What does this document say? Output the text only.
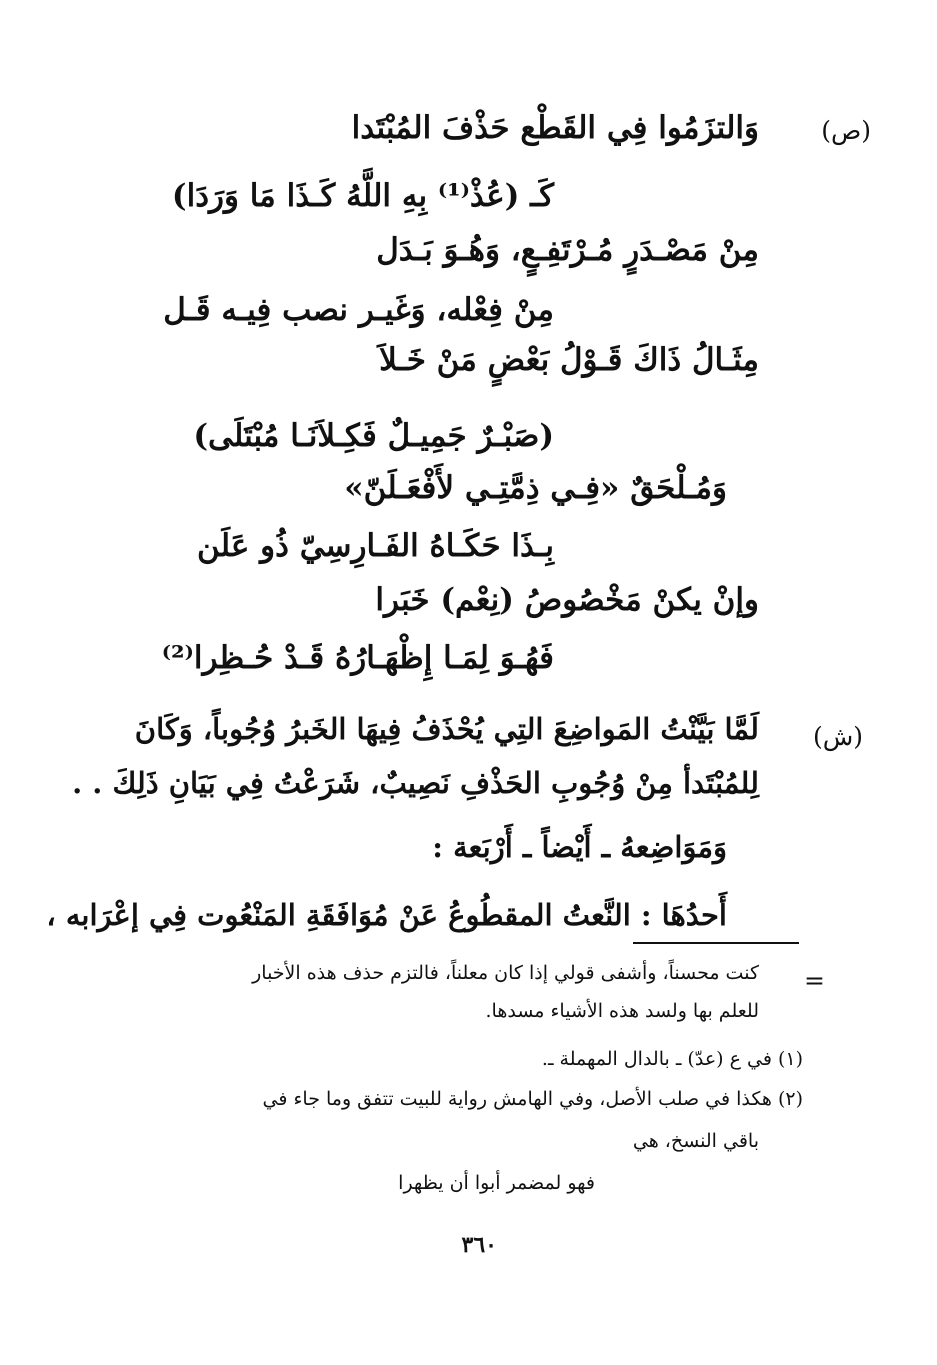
(ص)
وَالتزَمُوا فِي القَطْع حَذْفَ المُبْتَدا
كَـ (عُذْ⁽¹⁾ بِهِ اللَّهُ كَـذَا مَا وَرَدَا)
مِنْ مَصْـدَرٍ مُـرْتَفِـعٍ، وَهُـوَ بَـدَل
مِنْ فِعْله، وَغَيـر نصب فِيـه قَـل
مِثَـالُ ذَاكَ قَـوْلُ بَعْضٍ مَنْ خَـلاَ
(صَبْـرٌ جَمِيـلٌ فَكِـلاَنَـا مُبْتَلَى)
وَمُـلْحَقٌ «فِـي ذِمَّتِـي لأَفْعَـلَنّ»
بِـذَا حَكَـاهُ الفَـارِسِيّ ذُو عَلَن
وإنْ يكنْ مَخْصُوصُ (نِعْم) خَبَرا
فَهُـوَ لِمَـا إِظْهَـارُهُ قَـدْ حُـظِرا⁽²⁾
(ش)
لَمَّا بَيَّنْتُ المَواضِعَ التِي يُحْذَفُ فِيهَا الخَبرُ وُجُوباً، وَكَانَ
لِلمُبْتَدأ مِنْ وُجُوبِ الحَذْفِ نَصِيبٌ، شَرَعْتُ فِي بَيَانِ ذَلِكَ . .
وَمَوَاضِعهُ ـ أَيْضاً ـ أَرْبَعة :
أَحدُهَا : النَّعتُ المقطُوعُ عَنْ مُوَافَقَةِ المَنْعُوت فِي إعْرَابه ،
=
كنت محسناً، وأشفى قولي إذا كان معلناً، فالتزم حذف هذه الأخبار
للعلم بها ولسد هذه الأشياء مسدها.
(١) في ع (عدّ) ـ بالدال المهملة ـ.
(٢) هكذا في صلب الأصل، وفي الهامش رواية للبيت تتفق وما جاء في
باقي النسخ، هي
فهو لمضمر أبوا أن يظهرا
٣٦٠
